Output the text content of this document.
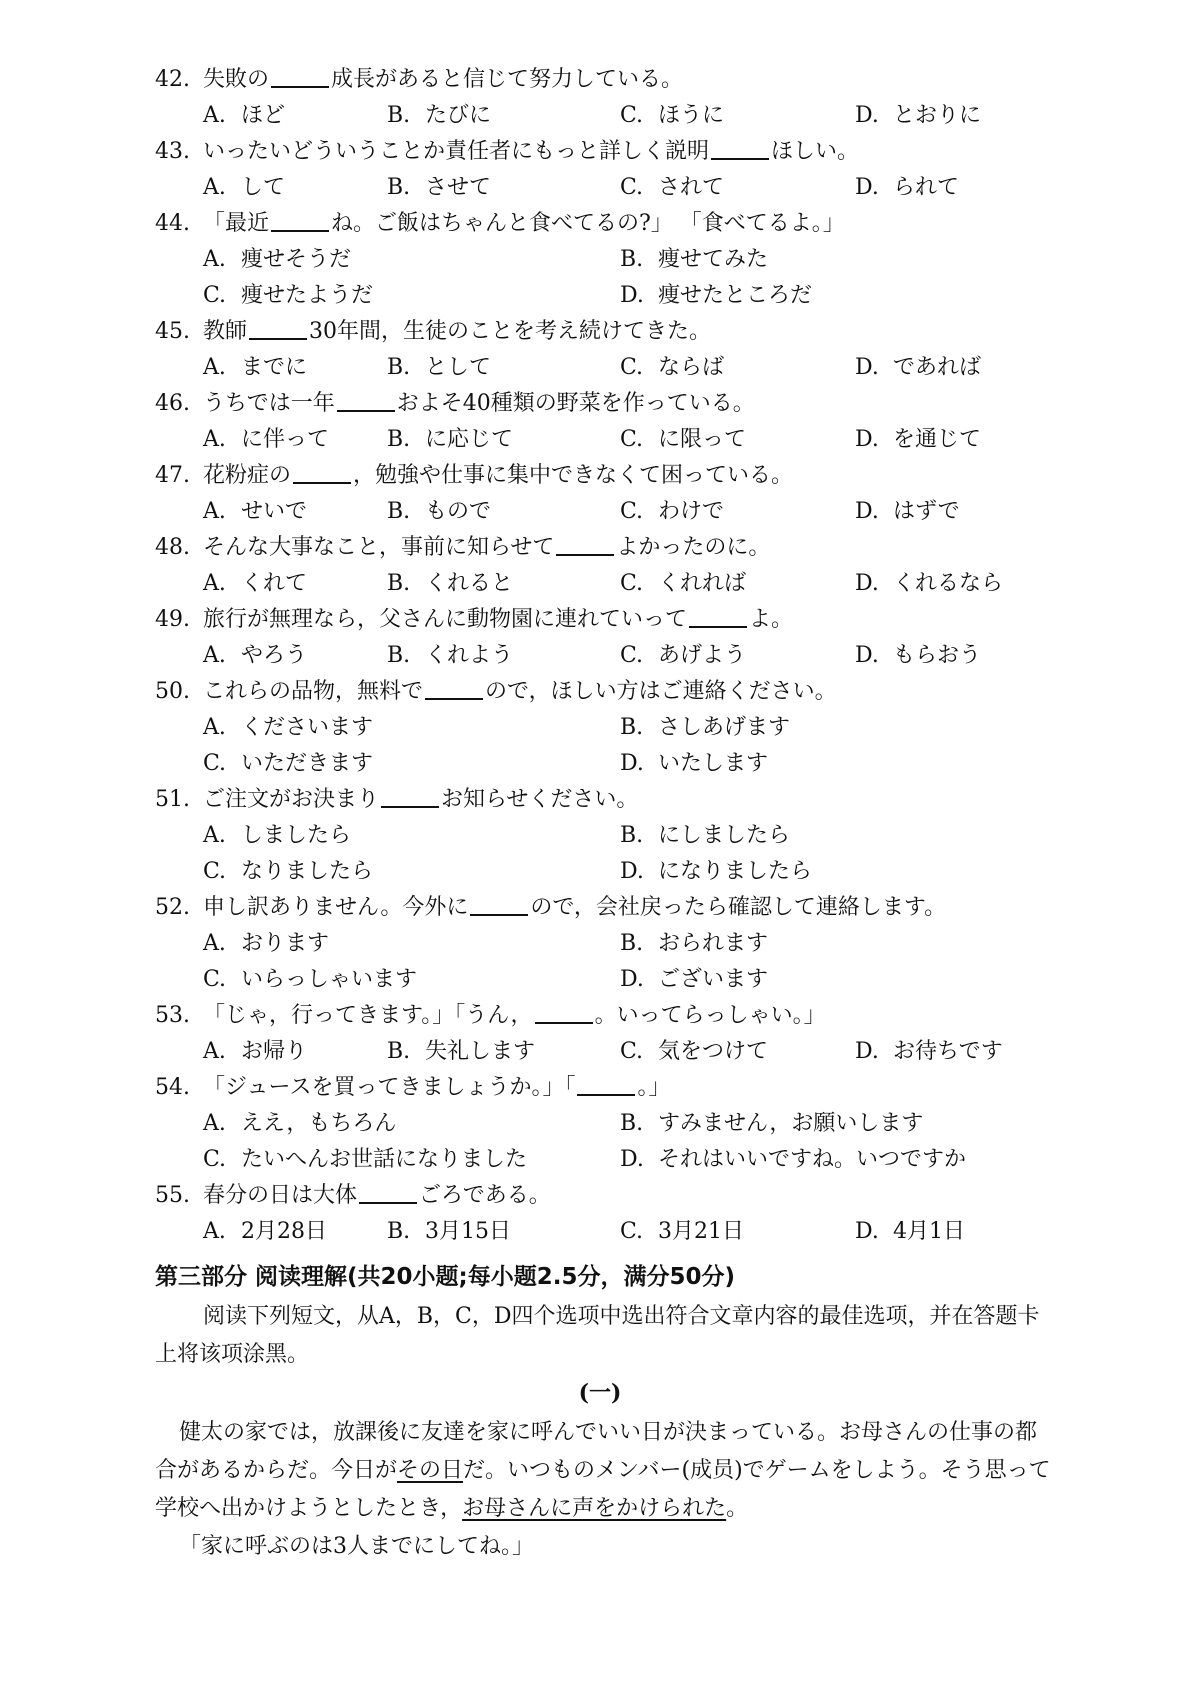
42. 失敗の	成長があると信じて努力している。
A. ほど	B. たびに	C. ほうに	D. とおりに
43. いったいどういうことか責任者にもっと詳しく説明	ほしい。
A. して	B. させて	C. されて	D. られて
44. 「最近	ね。ご飯はちゃんと食べてるの?」 「食べてるよ。」
A. 痩せそうだ	B. 痩せてみた
C. 痩せたようだ	D. 痩せたところだ
45. 教師	30年間，生徒のことを考え続けてきた。
A. までに	B. として	C. ならば	D. であれば
46. うちでは一年	およそ40種類の野菜を作っている。
A. に伴って	B. に応じて	C. に限って	D. を通じて
47. 花粉症の	，勉強や仕事に集中できなくて困っている。
A. せいで	B. もので	C. わけで	D. はずで
48. そんな大事なこと，事前に知らせて	よかったのに。
A. くれて	B. くれると	C. くれれば	D. くれるなら
49. 旅行が無理なら，父さんに動物園に連れていって	よ。
A. やろう	B. くれよう	C. あげよう	D. もらおう
50. これらの品物，無料で	ので，ほしい方はご連絡ください。
A. くださいます	B. さしあげます
C. いただきます	D. いたします
51. ご注文がお決まり	お知らせください。
A. しましたら	B. にしましたら
C. なりましたら	D. になりましたら
52. 申し訳ありません。今外に	ので，会社戻ったら確認して連絡します。
A. おります	B. おられます
C. いらっしゃいます	D. ございます
53. 「じゃ，行ってきます。」「うん，	。いってらっしゃい。」
A. お帰り	B. 失礼します	C. 気をつけて	D. お待ちです
54. 「ジュースを買ってきましょうか。」「	。」
A. ええ，もちろん	B. すみません，お願いします
C. たいへんお世話になりました	D. それはいいですね。いつですか
55. 春分の日は大体	ごろである。
A. 2月28日	B. 3月15日	C. 3月21日	D. 4月1日
第三部分 阅读理解(共20小题;每小题2.5分，满分50分)
阅读下列短文，从A，B，C，D四个选项中选出符合文章内容的最佳选项，并在答题卡上将该项涂黑。
(一)

健太の家では，放課後に友達を家に呼んでいい日が決まっている。お母さんの仕事の都合があるからだ。今日がその日だ。いつものメンバー(成员)でゲームをしよう。そう思って学校へ出かけようとしたとき，お母さんに声をかけられた。

「家に呼ぶのは3人までにしてね。」
